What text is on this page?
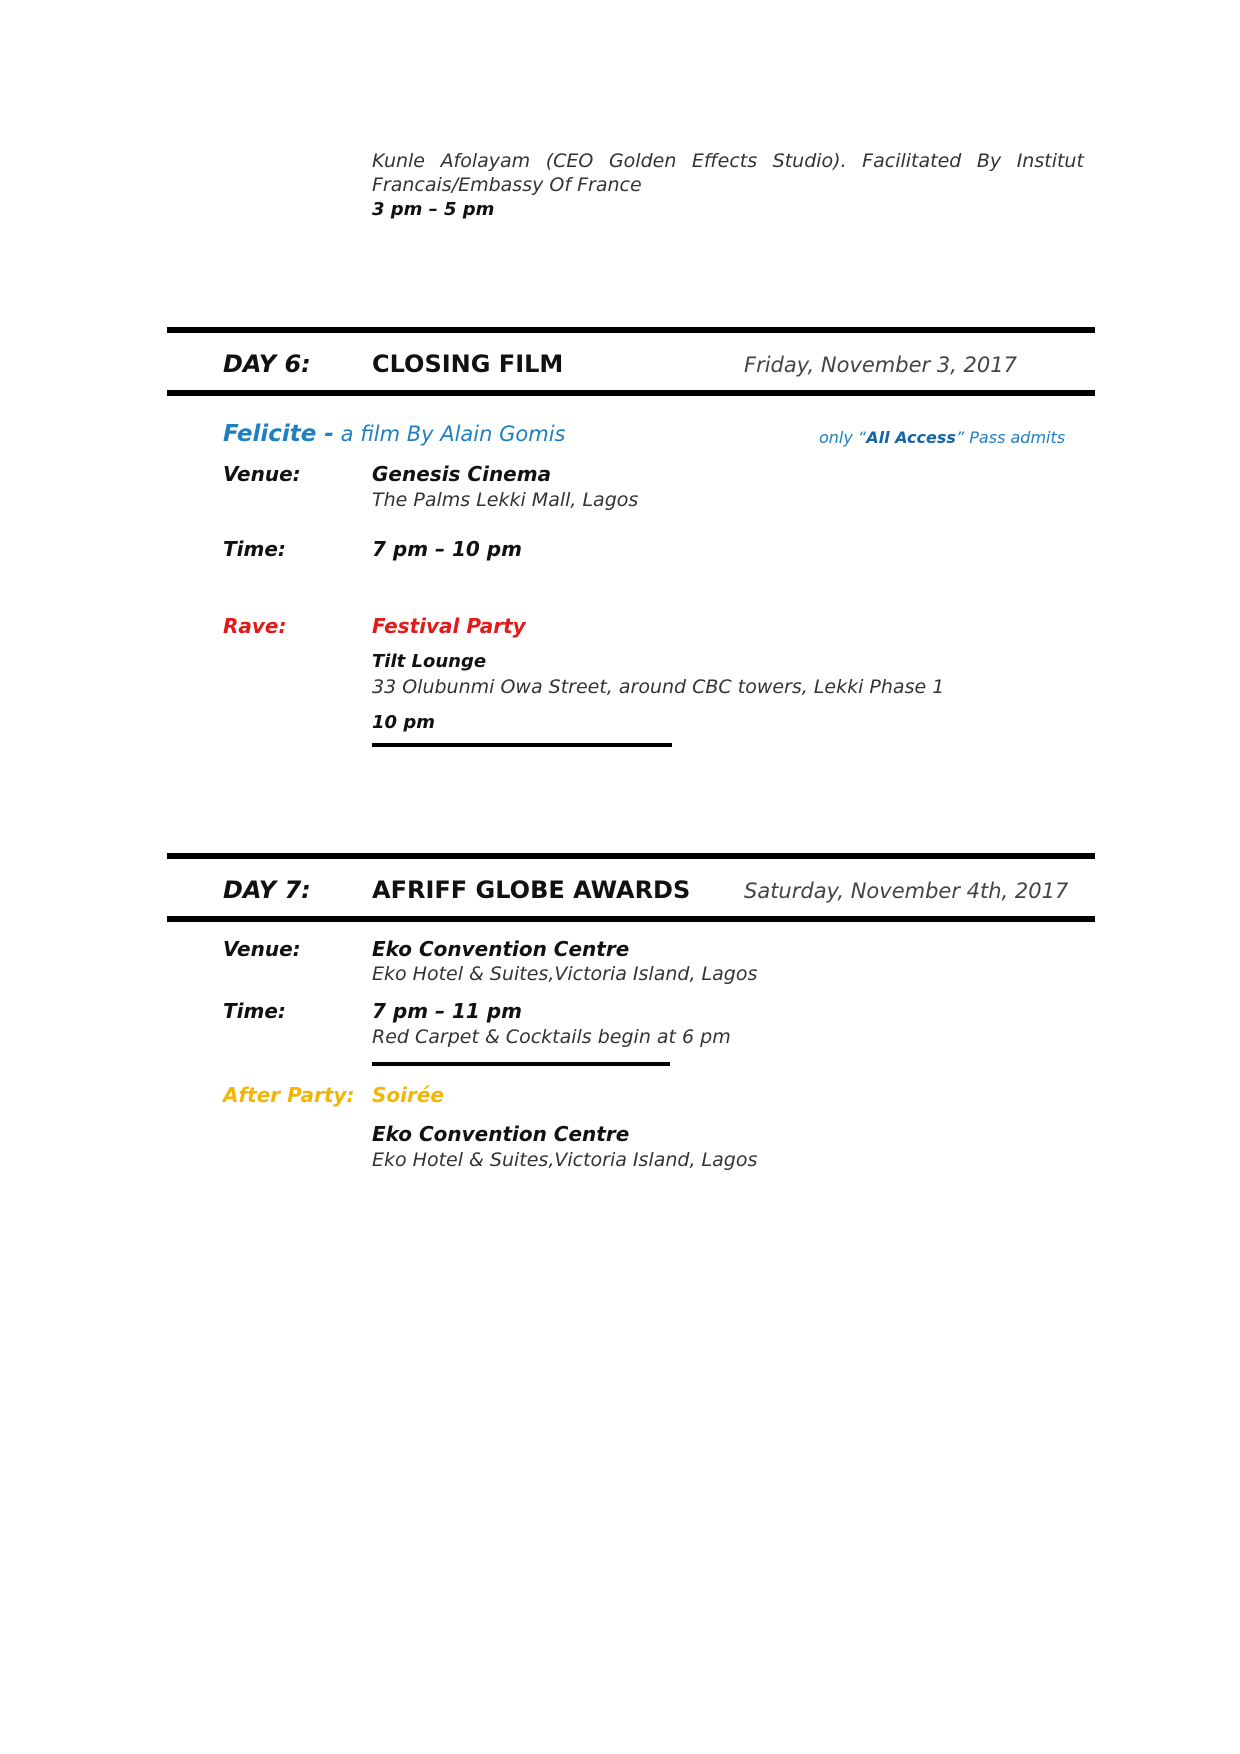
Kunle Afolayam (CEO Golden Effects Studio). Facilitated By Institut
Francais/Embassy Of France
3 pm – 5 pm
DAY 6:	CLOSING FILM	Friday, November 3, 2017
Felicite - a film By Alain Gomis	only “All Access” Pass admits
Venue:	Genesis Cinema
The Palms Lekki Mall, Lagos
Time:	7 pm – 10 pm
Rave:	Festival Party
Tilt Lounge
33 Olubunmi Owa Street, around CBC towers, Lekki Phase 1
10 pm
DAY 7:	AFRIFF GLOBE AWARDS	Saturday, November 4th, 2017
Venue:	Eko Convention Centre
Eko Hotel & Suites,Victoria Island, Lagos
Time:	7 pm – 11 pm
Red Carpet & Cocktails begin at 6 pm
After Party: Soirée
Eko Convention Centre
Eko Hotel & Suites,Victoria Island, Lagos
